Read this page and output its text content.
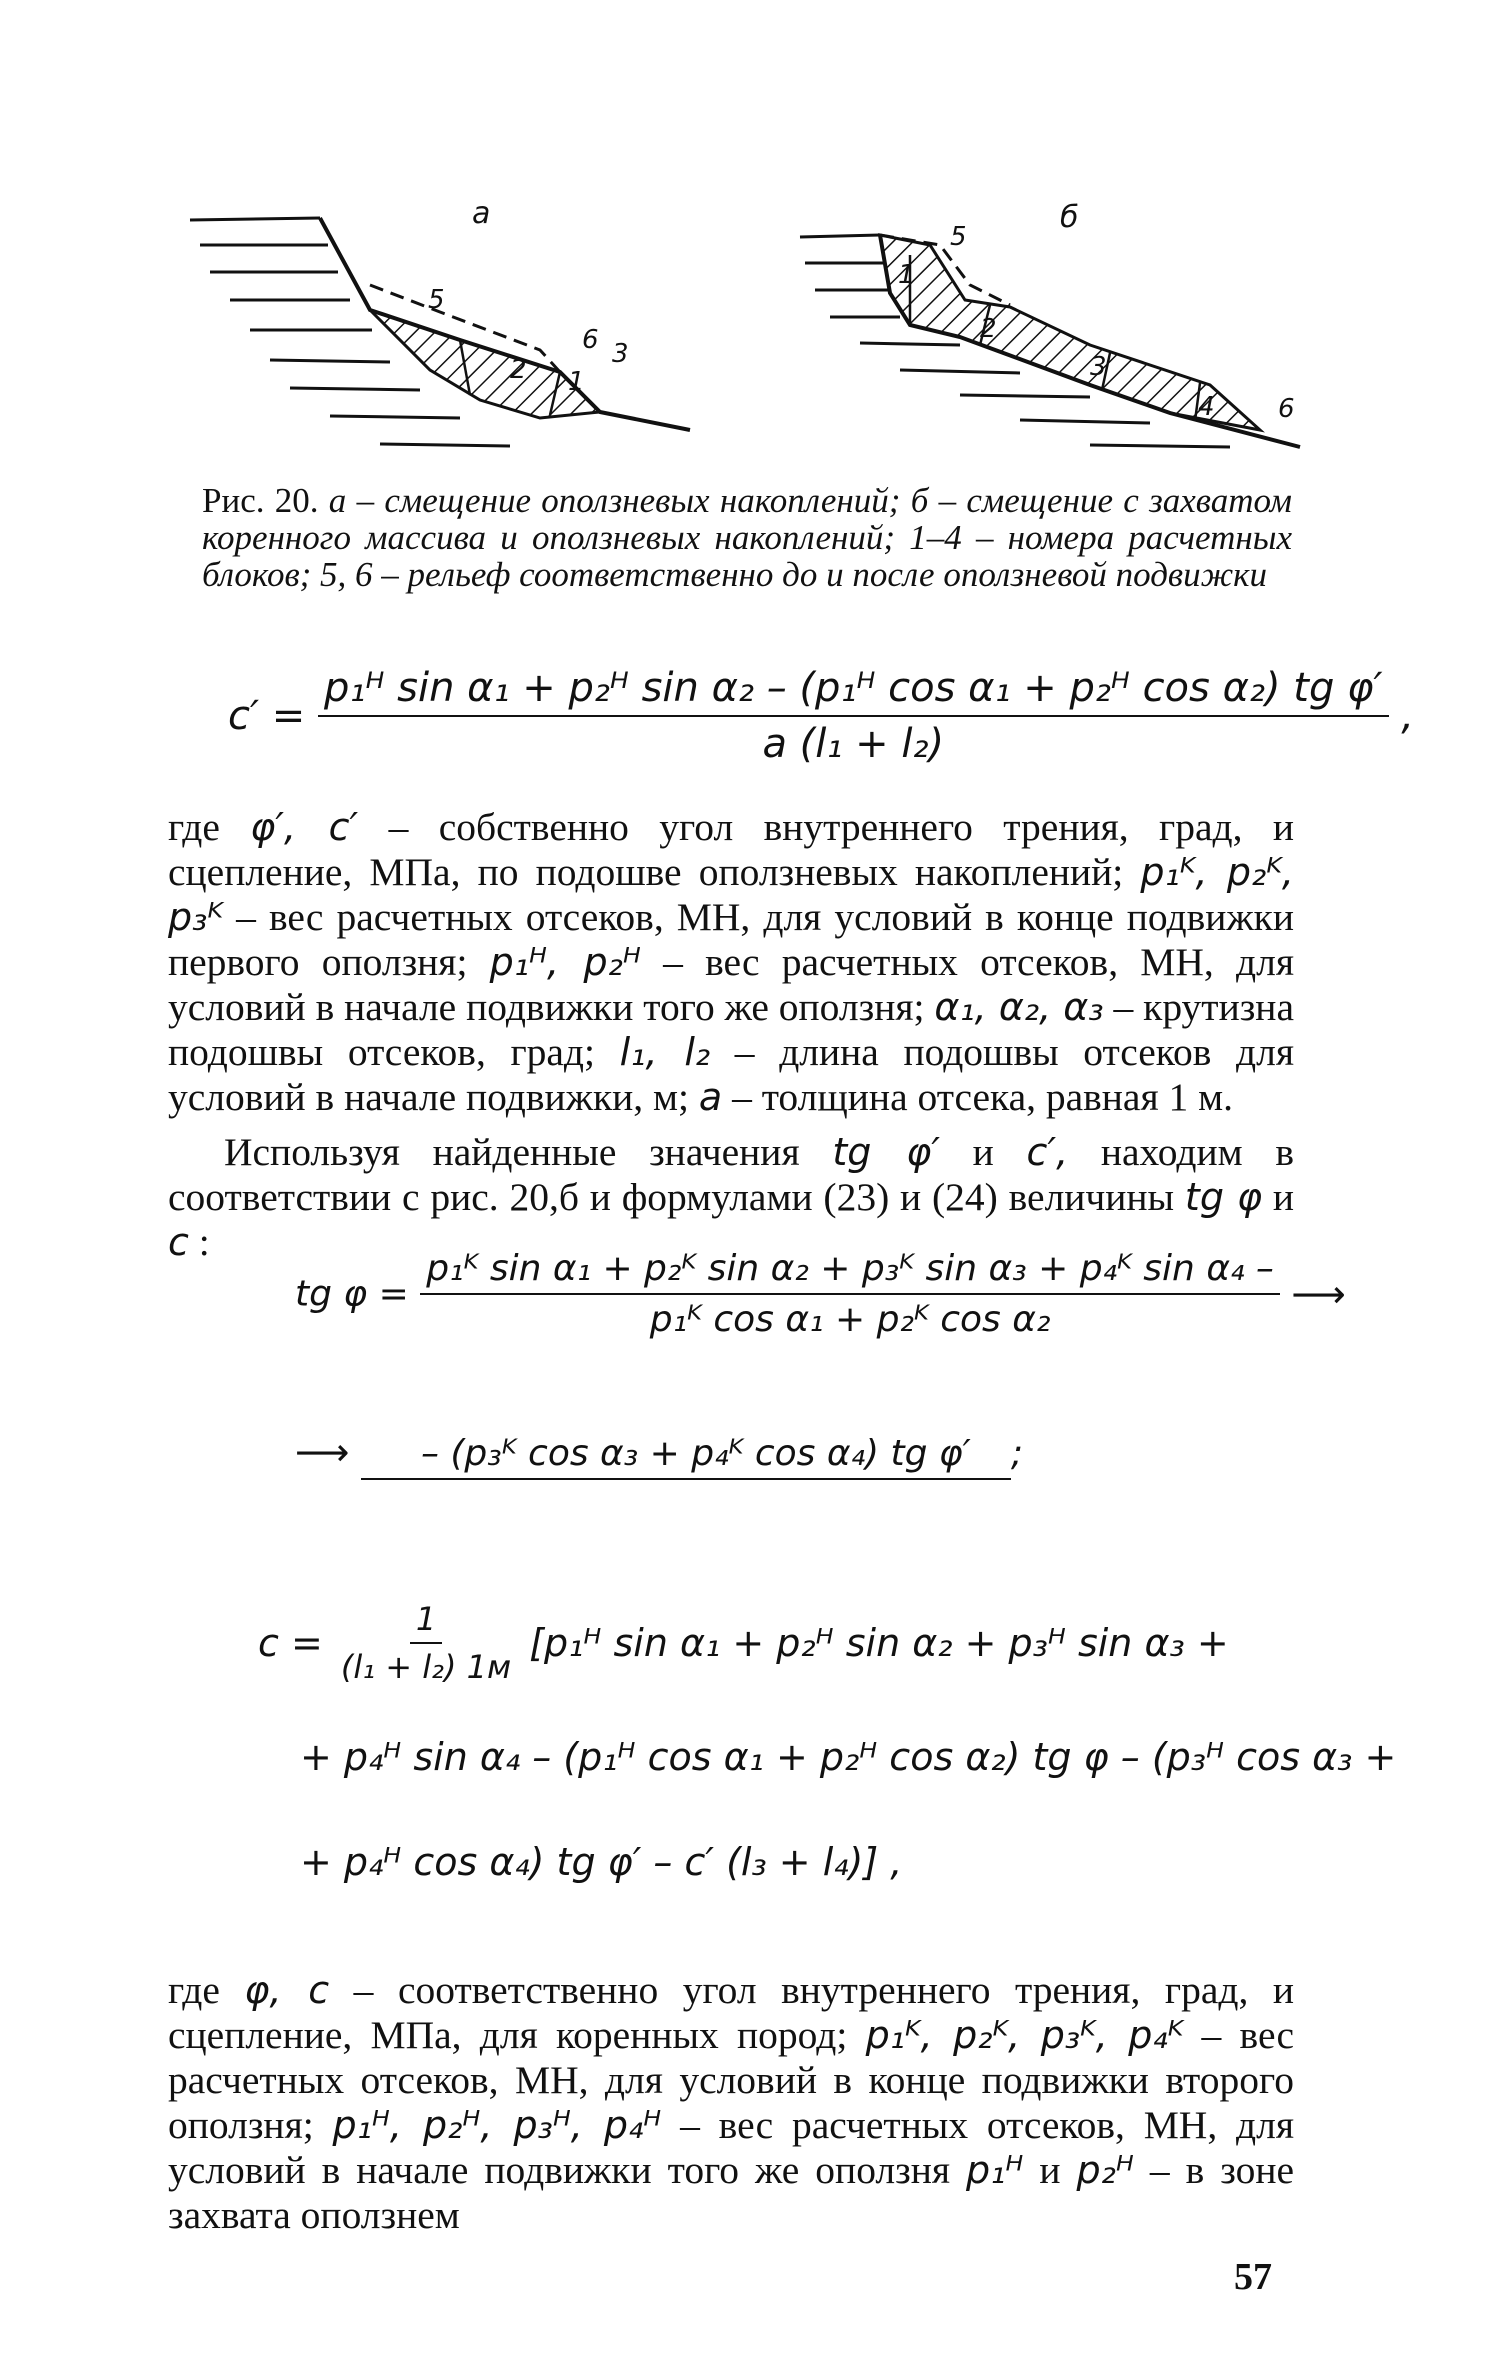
5
2 1
6 3
а
5
1
2
3
4 6
б
Рис. 20. а – смещение оползневых накоплений; б – смещение с захватом коренного массива и оползневых накоплений; 1–4 – номера расчетных блоков; 5, 6 – рельеф соответственно до и после оползневой подвижки
$c' = \frac{\text{p₁ᴴ sin α₁ + p₂ᴴ sin α₂ – (p₁ᴴ cos α₁ + p₂ᴴ cos α₂) tg φ′}}{\text{a (l₁ + l₂)}}$ ,
где φ′, c′ – собственно угол внутреннего трения, град, и сцепление, МПа, по подошве оползневых накоплений; p₁ᴷ, p₂ᴷ, p₃ᴷ – вес расчетных отсеков, МН, для условий в конце подвижки первого оползня; p₁ᴴ, p₂ᴴ – вес расчетных отсеков, МН, для условий в начале подвижки того же оползня; α₁, α₂, α₃ – крутизна подошвы отсеков, град; l₁, l₂ – длина подошвы отсеков для условий в начале подвижки, м; a – толщина отсека, равная 1 м.
Используя найденные значения tg φ′ и c′, находим в соответствии с рис. 20,б и формулами (23) и (24) величины tg φ и c :
tg $\varphi = \frac{\text{p₁ᴷ sin α₁ + p₂ᴷ sin α₂ + p₃ᴷ sin α₃ + p₄ᴷ sin α₄ –}}{\text{p₁ᴷ cos α₁ + p₂ᴷ cos α₂}}$ ⟶
⟶ – (p₃ᴷ cos α₃ + p₄ᴷ cos α₄) tg φ′ ;
$c = \frac{1}{\text{(l₁ + l₂) 1м}}$ [p₁ᴴ sin α₁ + p₂ᴴ sin α₂ + p₃ᴴ sin α₃ +
+ p₄ᴴ sin α₄ – (p₁ᴴ cos α₁ + p₂ᴴ cos α₂) tg φ – (p₃ᴴ cos α₃ +
+ p₄ᴴ cos α₄) tg φ′ – c′ (l₃ + l₄)] ,
где φ, c – соответственно угол внутреннего трения, град, и сцепление, МПа, для коренных пород; p₁ᴷ, p₂ᴷ, p₃ᴷ, p₄ᴷ – вес расчетных отсеков, МН, для условий в конце подвижки второго оползня; p₁ᴴ, p₂ᴴ, p₃ᴴ, p₄ᴴ – вес расчетных отсеков, МН, для условий в начале подвижки того же оползня p₁ᴴ и p₂ᴴ – в зоне захвата оползнем
57
